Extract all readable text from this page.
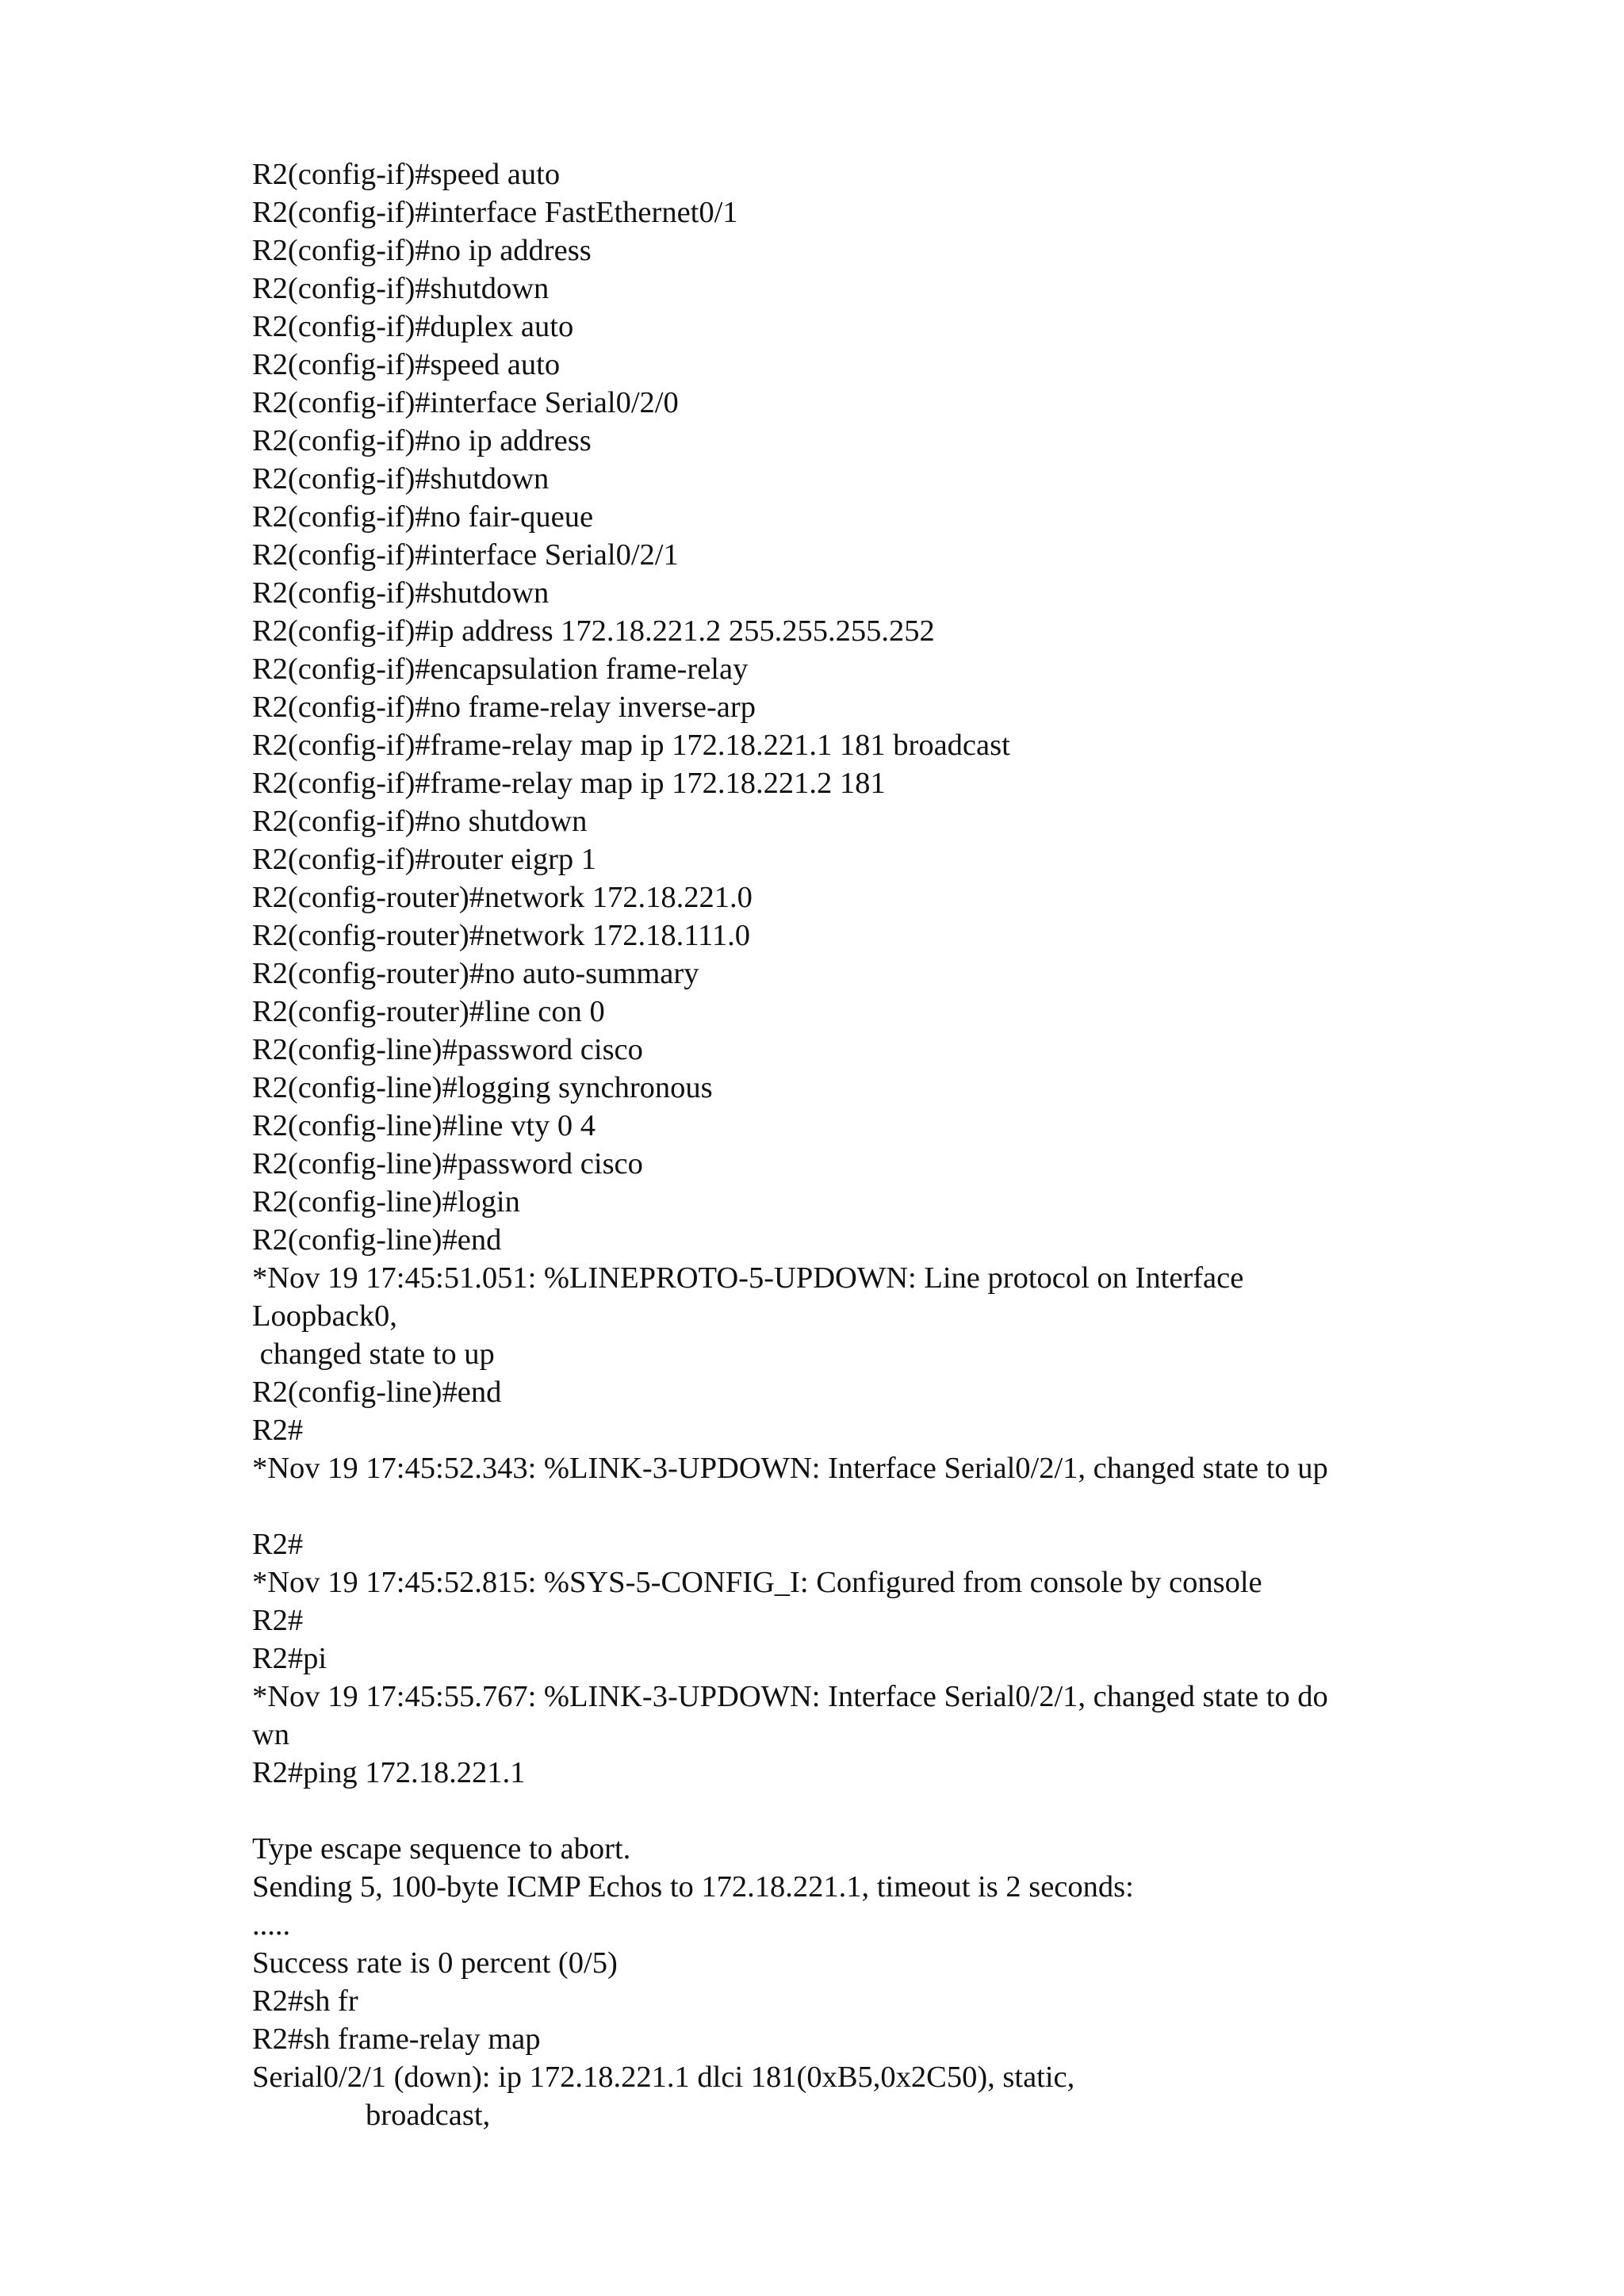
R2(config-if)#speed auto
R2(config-if)#interface FastEthernet0/1
R2(config-if)#no ip address
R2(config-if)#shutdown
R2(config-if)#duplex auto
R2(config-if)#speed auto
R2(config-if)#interface Serial0/2/0
R2(config-if)#no ip address
R2(config-if)#shutdown
R2(config-if)#no fair-queue
R2(config-if)#interface Serial0/2/1
R2(config-if)#shutdown
R2(config-if)#ip address 172.18.221.2 255.255.255.252
R2(config-if)#encapsulation frame-relay
R2(config-if)#no frame-relay inverse-arp
R2(config-if)#frame-relay map ip 172.18.221.1 181 broadcast
R2(config-if)#frame-relay map ip 172.18.221.2 181
R2(config-if)#no shutdown
R2(config-if)#router eigrp 1
R2(config-router)#network 172.18.221.0
R2(config-router)#network 172.18.111.0
R2(config-router)#no auto-summary
R2(config-router)#line con 0
R2(config-line)#password cisco
R2(config-line)#logging synchronous
R2(config-line)#line vty 0 4
R2(config-line)#password cisco
R2(config-line)#login
R2(config-line)#end
*Nov 19 17:45:51.051: %LINEPROTO-5-UPDOWN: Line protocol on Interface
Loopback0,
changed state to up
R2(config-line)#end
R2#
*Nov 19 17:45:52.343: %LINK-3-UPDOWN: Interface Serial0/2/1, changed state to up
R2#
*Nov 19 17:45:52.815: %SYS-5-CONFIG_I: Configured from console by console
R2#
R2#pi
*Nov 19 17:45:55.767: %LINK-3-UPDOWN: Interface Serial0/2/1, changed state to do
wn
R2#ping 172.18.221.1
Type escape sequence to abort.
Sending 5, 100-byte ICMP Echos to 172.18.221.1, timeout is 2 seconds:
.....
Success rate is 0 percent (0/5)
R2#sh fr
R2#sh frame-relay map
Serial0/2/1 (down): ip 172.18.221.1 dlci 181(0xB5,0x2C50), static,
broadcast,
